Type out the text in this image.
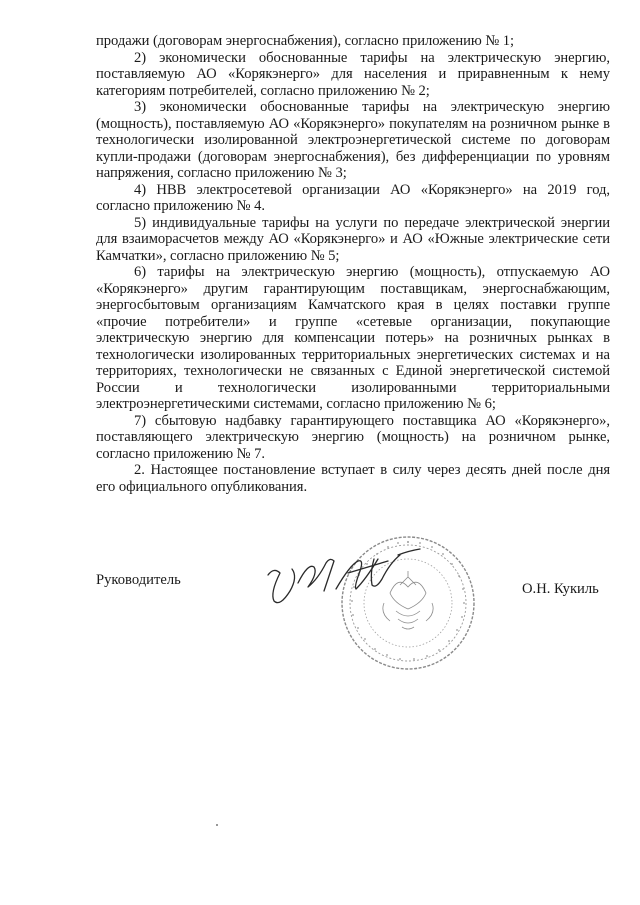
продажи (договорам энергоснабжения), согласно приложению № 1;

2) экономически обоснованные тарифы на электрическую энергию, поставляемую АО «Корякэнерго» для населения и приравненным к нему категориям потребителей, согласно приложению № 2;

3) экономически обоснованные тарифы на электрическую энергию (мощность), поставляемую АО «Корякэнерго» покупателям на розничном рынке в технологически изолированной электроэнергетической системе по договорам купли-продажи (договорам энергоснабжения), без дифференциации по уровням напряжения, согласно приложению № 3;

4) НВВ электросетевой организации АО «Корякэнерго» на 2019 год, согласно приложению № 4.

5) индивидуальные тарифы на услуги по передаче электрической энергии для взаиморасчетов между АО «Корякэнерго» и АО «Южные электрические сети Камчатки», согласно приложению № 5;

6) тарифы на электрическую энергию (мощность), отпускаемую АО «Корякэнерго» другим гарантирующим поставщикам, энергоснабжающим, энергосбытовым организациям Камчатского края в целях поставки группе «прочие потребители» и группе «сетевые организации, покупающие электрическую энергию для компенсации потерь» на розничных рынках в технологически изолированных территориальных энергетических системах и на территориях, технологически не связанных с Единой энергетической системой России и технологически изолированными территориальными электроэнергетическими системами, согласно приложению № 6;

7) сбытовую надбавку гарантирующего поставщика АО «Корякэнерго», поставляющего электрическую энергию (мощность) на розничном рынке, согласно приложению № 7.

2. Настоящее постановление вступает в силу через десять дней после дня его официального опубликования.

Руководитель
О.Н. Кукиль
